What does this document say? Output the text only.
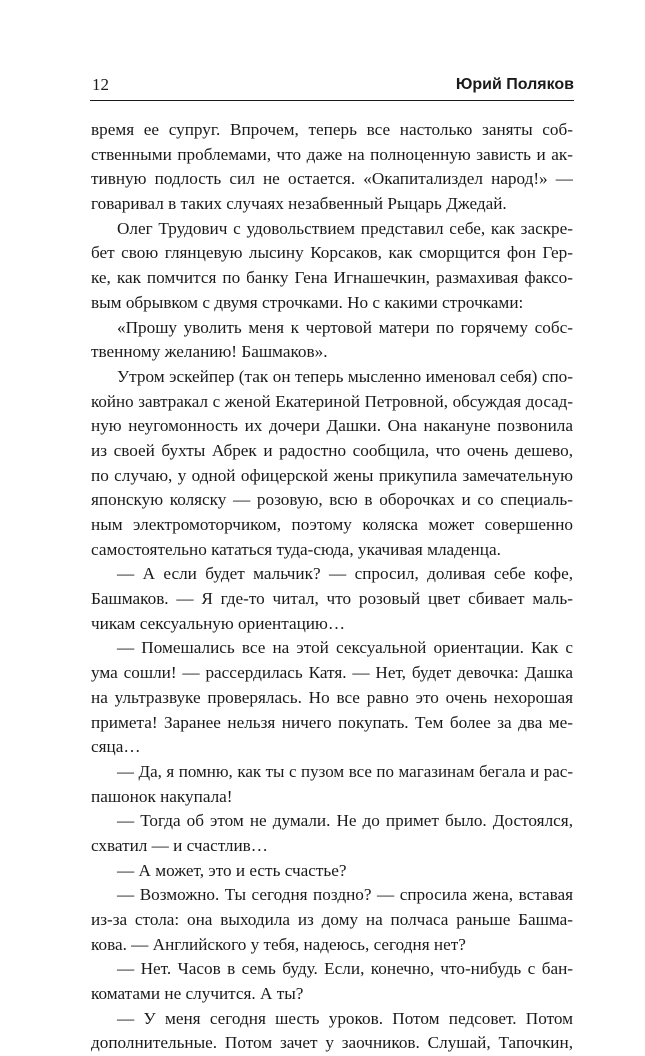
12	Юрий Поляков
время ее супруг. Впрочем, теперь все настолько заняты соб-
ственными проблемами, что даже на полноценную зависть и ак-
тивную подлость сил не остается. «Окапитализдел народ!» —
говаривал в таких случаях незабвенный Рыцарь Джедай.
Олег Трудович с удовольствием представил себе, как заскре-
бет свою глянцевую лысину Корсаков, как сморщится фон Гер-
ке, как помчится по банку Гена Игнашечкин, размахивая факсо-
вым обрывком с двумя строчками. Но с какими строчками:
«Прошу уволить меня к чертовой матери по горячему собс-
твенному желанию! Башмаков».
Утром эскейпер (так он теперь мысленно именовал себя) спо-
койно завтракал с женой Екатериной Петровной, обсуждая досад-
ную неугомонность их дочери Дашки. Она накануне позвонила
из своей бухты Абрек и радостно сообщила, что очень дешево,
по случаю, у одной офицерской жены прикупила замечательную
японскую коляску — розовую, всю в оборочках и со специаль-
ным электромоторчиком, поэтому коляска может совершенно
самостоятельно кататься туда-сюда, укачивая младенца.
— А если будет мальчик? — спросил, доливая себе кофе,
Башмаков. — Я где-то читал, что розовый цвет сбивает маль-
чикам сексуальную ориентацию…
— Помешались все на этой сексуальной ориентации. Как с
ума сошли! — рассердилась Катя. — Нет, будет девочка: Дашка
на ультразвуке проверялась. Но все равно это очень нехорошая
примета! Заранее нельзя ничего покупать. Тем более за два ме-
сяца…
— Да, я помню, как ты с пузом все по магазинам бегала и рас-
пашонок накупала!
— Тогда об этом не думали. Не до примет было. Достоялся,
схватил — и счастлив…
— А может, это и есть счастье?
— Возможно. Ты сегодня поздно? — спросила жена, вставая
из-за стола: она выходила из дому на полчаса раньше Башма-
кова. — Английского у тебя, надеюсь, сегодня нет?
— Нет. Часов в семь буду. Если, конечно, что-нибудь с бан-
коматами не случится. А ты?
— У меня сегодня шесть уроков. Потом педсовет. Потом
дополнительные. Потом зачет у заочников. Слушай, Тапочкин,
